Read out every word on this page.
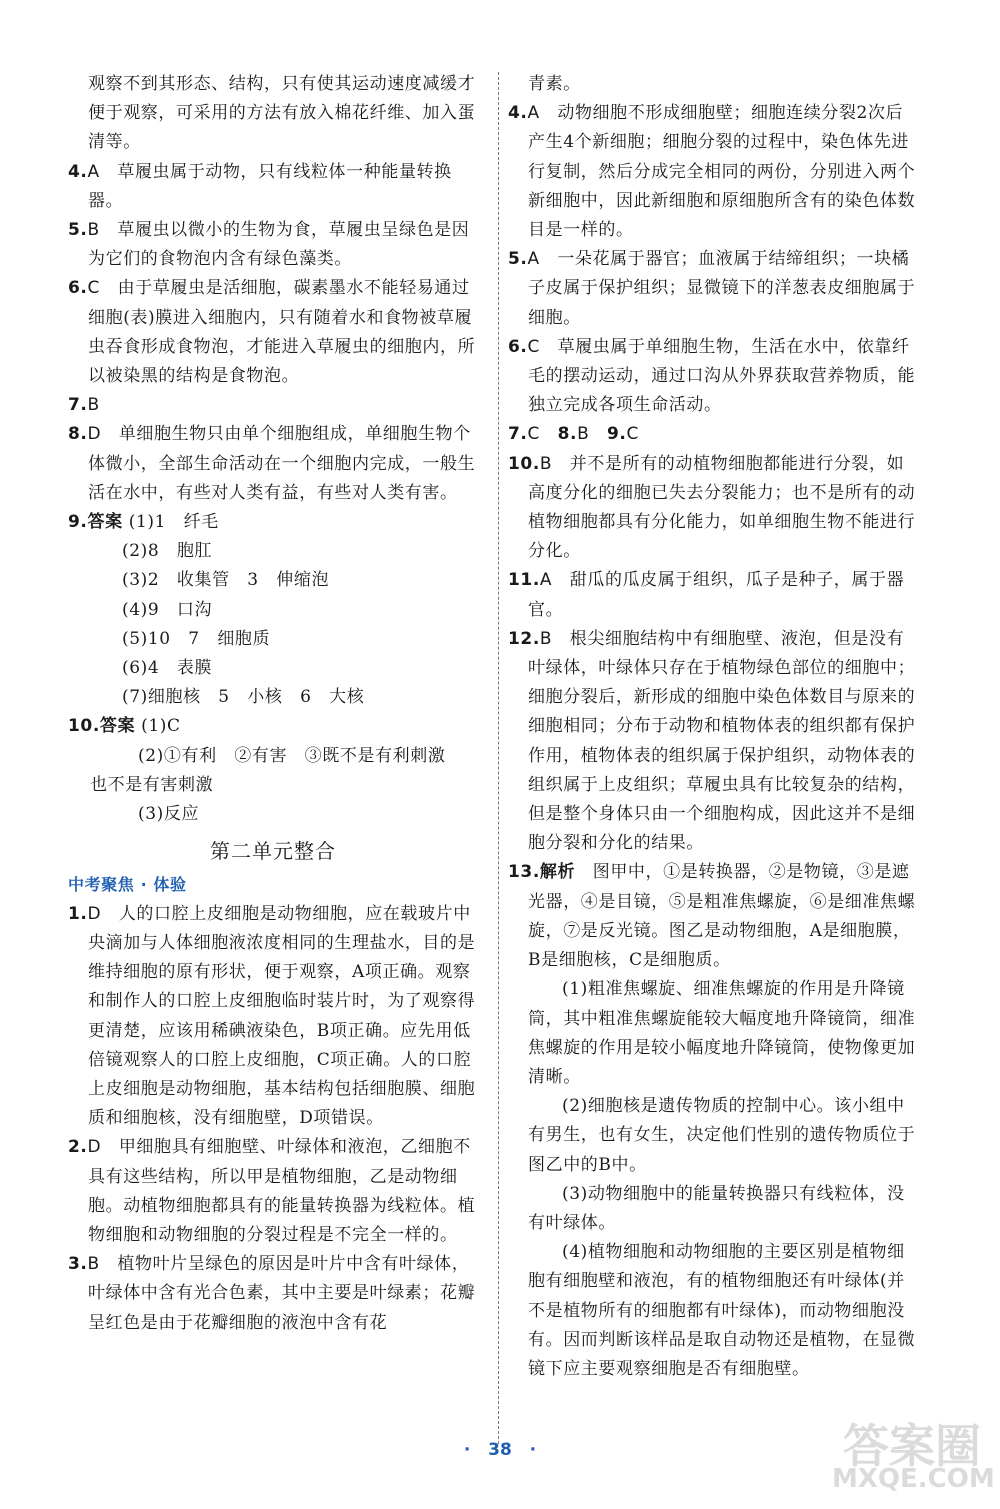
观察不到其形态、结构，只有使其运动速度减缓才便于观察，可采用的方法有放入棉花纤维、加入蛋清等。
4.A　 草履虫属于动物，只有线粒体一种能量转换器。
5.B　 草履虫以微小的生物为食，草履虫呈绿色是因为它们的食物泡内含有绿色藻类。
6.C　 由于草履虫是活细胞，碳素墨水不能轻易通过细胞(表)膜进入细胞内，只有随着水和食物被草履虫吞食形成食物泡，才能进入草履虫的细胞内，所以被染黑的结构是食物泡。
7.B
8.D　 单细胞生物只由单个细胞组成，单细胞生物个体微小，全部生命活动在一个细胞内完成，一般生活在水中，有些对人类有益，有些对人类有害。
9.答案 (1)1　纤毛
(2)8　胞肛
(3)2　收集管　3　伸缩泡
(4)9　口沟
(5)10　7　细胞质
(6)4　表膜
(7)细胞核　5　小核　6　大核
10.答案 (1)C
(2)①有利　②有害　③既不是有利刺激
也不是有害刺激
(3)反应
第二单元整合
中考聚焦 · 体验
1.D　 人的口腔上皮细胞是动物细胞，应在载玻片中央滴加与人体细胞液浓度相同的生理盐水，目的是维持细胞的原有形状，便于观察，A项正确。观察和制作人的口腔上皮细胞临时装片时，为了观察得更清楚，应该用稀碘液染色，B项正确。应先用低倍镜观察人的口腔上皮细胞，C项正确。人的口腔上皮细胞是动物细胞，基本结构包括细胞膜、细胞质和细胞核，没有细胞壁，D项错误。
2.D　 甲细胞具有细胞壁、叶绿体和液泡，乙细胞不具有这些结构，所以甲是植物细胞，乙是动物细胞。动植物细胞都具有的能量转换器为线粒体。植物细胞和动物细胞的分裂过程是不完全一样的。
3.B　 植物叶片呈绿色的原因是叶片中含有叶绿体，叶绿体中含有光合色素，其中主要是叶绿素；花瓣呈红色是由于花瓣细胞的液泡中含有花
青素。
4.A　 动物细胞不形成细胞壁；细胞连续分裂2次后产生4个新细胞；细胞分裂的过程中，染色体先进行复制，然后分成完全相同的两份，分别进入两个新细胞中，因此新细胞和原细胞所含有的染色体数目是一样的。
5.A　 一朵花属于器官；血液属于结缔组织；一块橘子皮属于保护组织；显微镜下的洋葱表皮细胞属于细胞。
6.C　 草履虫属于单细胞生物，生活在水中，依靠纤毛的摆动运动，通过口沟从外界获取营养物质，能独立完成各项生命活动。
7.C　 8.B　 9.C
10.B　 并不是所有的动植物细胞都能进行分裂，如高度分化的细胞已失去分裂能力；也不是所有的动植物细胞都具有分化能力，如单细胞生物不能进行分化。
11.A　 甜瓜的瓜皮属于组织，瓜子是种子，属于器官。
12.B　 根尖细胞结构中有细胞壁、液泡，但是没有叶绿体，叶绿体只存在于植物绿色部位的细胞中；细胞分裂后，新形成的细胞中染色体数目与原来的细胞相同；分布于动物和植物体表的组织都有保护作用，植物体表的组织属于保护组织，动物体表的组织属于上皮组织；草履虫具有比较复杂的结构，但是整个身体只由一个细胞构成，因此这并不是细胞分裂和分化的结果。
13.解析　 图甲中，①是转换器，②是物镜，③是遮光器，④是目镜，⑤是粗准焦螺旋，⑥是细准焦螺旋，⑦是反光镜。图乙是动物细胞，A是细胞膜，B是细胞核，C是细胞质。
(1)粗准焦螺旋、细准焦螺旋的作用是升降镜筒，其中粗准焦螺旋能较大幅度地升降镜筒，细准焦螺旋的作用是较小幅度地升降镜筒，使物像更加清晰。
(2)细胞核是遗传物质的控制中心。该小组中有男生，也有女生，决定他们性别的遗传物质位于图乙中的B中。
(3)动物细胞中的能量转换器只有线粒体，没有叶绿体。
(4)植物细胞和动物细胞的主要区别是植物细胞有细胞壁和液泡，有的植物细胞还有叶绿体(并不是植物所有的细胞都有叶绿体)，而动物细胞没有。因而判断该样品是取自动物还是植物，在显微镜下应主要观察细胞是否有细胞壁。
· 38 ·	答案圈
MXQE.COM
